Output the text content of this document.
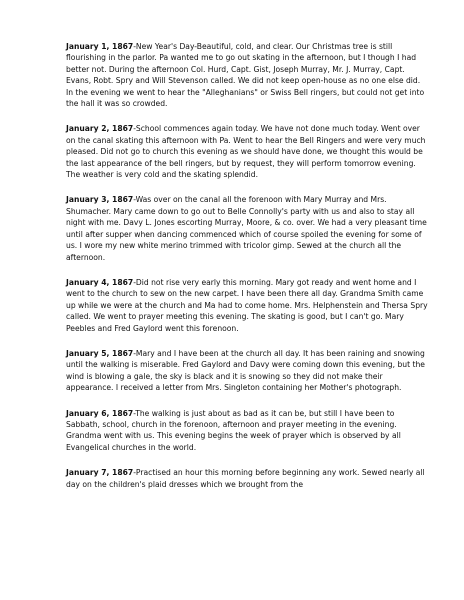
January 1, 1867-New Year's Day-Beautiful, cold, and clear. Our Christmas tree is still flourishing in the parlor. Pa wanted me to go out skating in the afternoon, but I though I had better not. During the afternoon Col. Hurd, Capt. Gist, Joseph Murray, Mr. J. Murray, Capt. Evans, Robt. Spry and Will Stevenson called. We did not keep open-house as no one else did. In the evening we went to hear the "Alleghanians" or Swiss Bell ringers, but could not get into the hall it was so crowded.

January 2, 1867-School commences again today. We have not done much today. Went over on the canal skating this afternoon with Pa. Went to hear the Bell Ringers and were very much pleased. Did not go to church this evening as we should have done, we thought this would be the last appearance of the bell ringers, but by request, they will perform tomorrow evening. The weather is very cold and the skating splendid.

January 3, 1867-Was over on the canal all the forenoon with Mary Murray and Mrs. Shumacher. Mary came down to go out to Belle Connolly's party with us and also to stay all night with me. Davy L. Jones escorting Murray, Moore, & co. over. We had a very pleasant time until after supper when dancing commenced which of course spoiled the evening for some of us. I wore my new white merino trimmed with tricolor gimp. Sewed at the church all the afternoon.

January 4, 1867-Did not rise very early this morning. Mary got ready and went home and I went to the church to sew on the new carpet. I have been there all day. Grandma Smith came up while we were at the church and Ma had to come home. Mrs. Helphenstein and Thersa Spry called. We went to prayer meeting this evening. The skating is good, but I can't go. Mary Peebles and Fred Gaylord went this forenoon.

January 5, 1867-Mary and I have been at the church all day. It has been raining and snowing until the walking is miserable. Fred Gaylord and Davy were coming down this evening, but the wind is blowing a gale, the sky is black and it is snowing so they did not make their appearance. I received a letter from Mrs. Singleton containing her Mother's photograph.

January 6, 1867-The walking is just about as bad as it can be, but still I have been to Sabbath, school, church in the forenoon, afternoon and prayer meeting in the evening. Grandma went with us. This evening begins the week of prayer which is observed by all Evangelical churches in the world.

January 7, 1867-Practised an hour this morning before beginning any work. Sewed nearly all day on the children's plaid dresses which we brought from the
